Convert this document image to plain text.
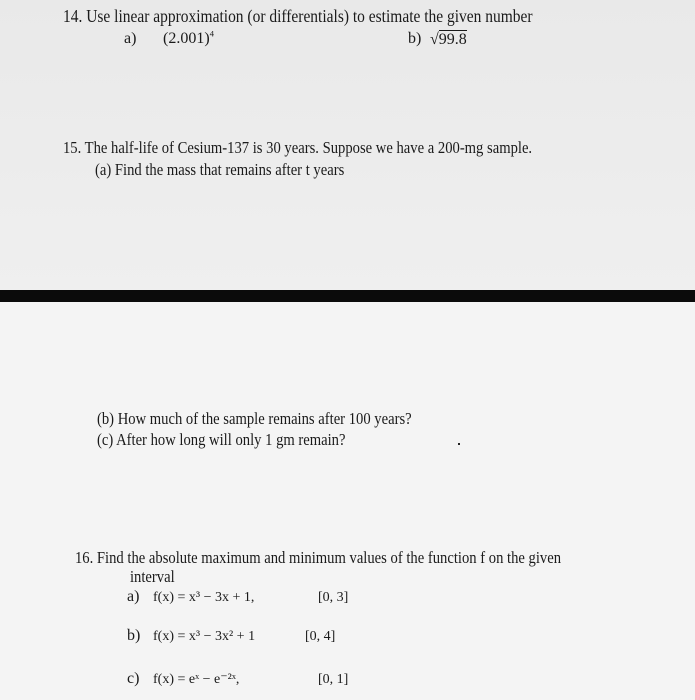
14. Use linear approximation (or differentials) to estimate the given number
a) $(2.001)^4$	b) √99.8
15. The half-life of Cesium-137 is 30 years. Suppose we have a 200-mg sample.
(a) Find the mass that remains after t years
(b) How much of the sample remains after 100 years?
(c) After how long will only 1 gm remain?
16. Find the absolute maximum and minimum values of the function f on the given
interval
a) f(x) = x³ − 3x + 1,	[0, 3]
b) f(x) = x³ − 3x² + 1	[0, 4]
c) f(x) = eˣ − e⁻²ˣ,	[0, 1]
